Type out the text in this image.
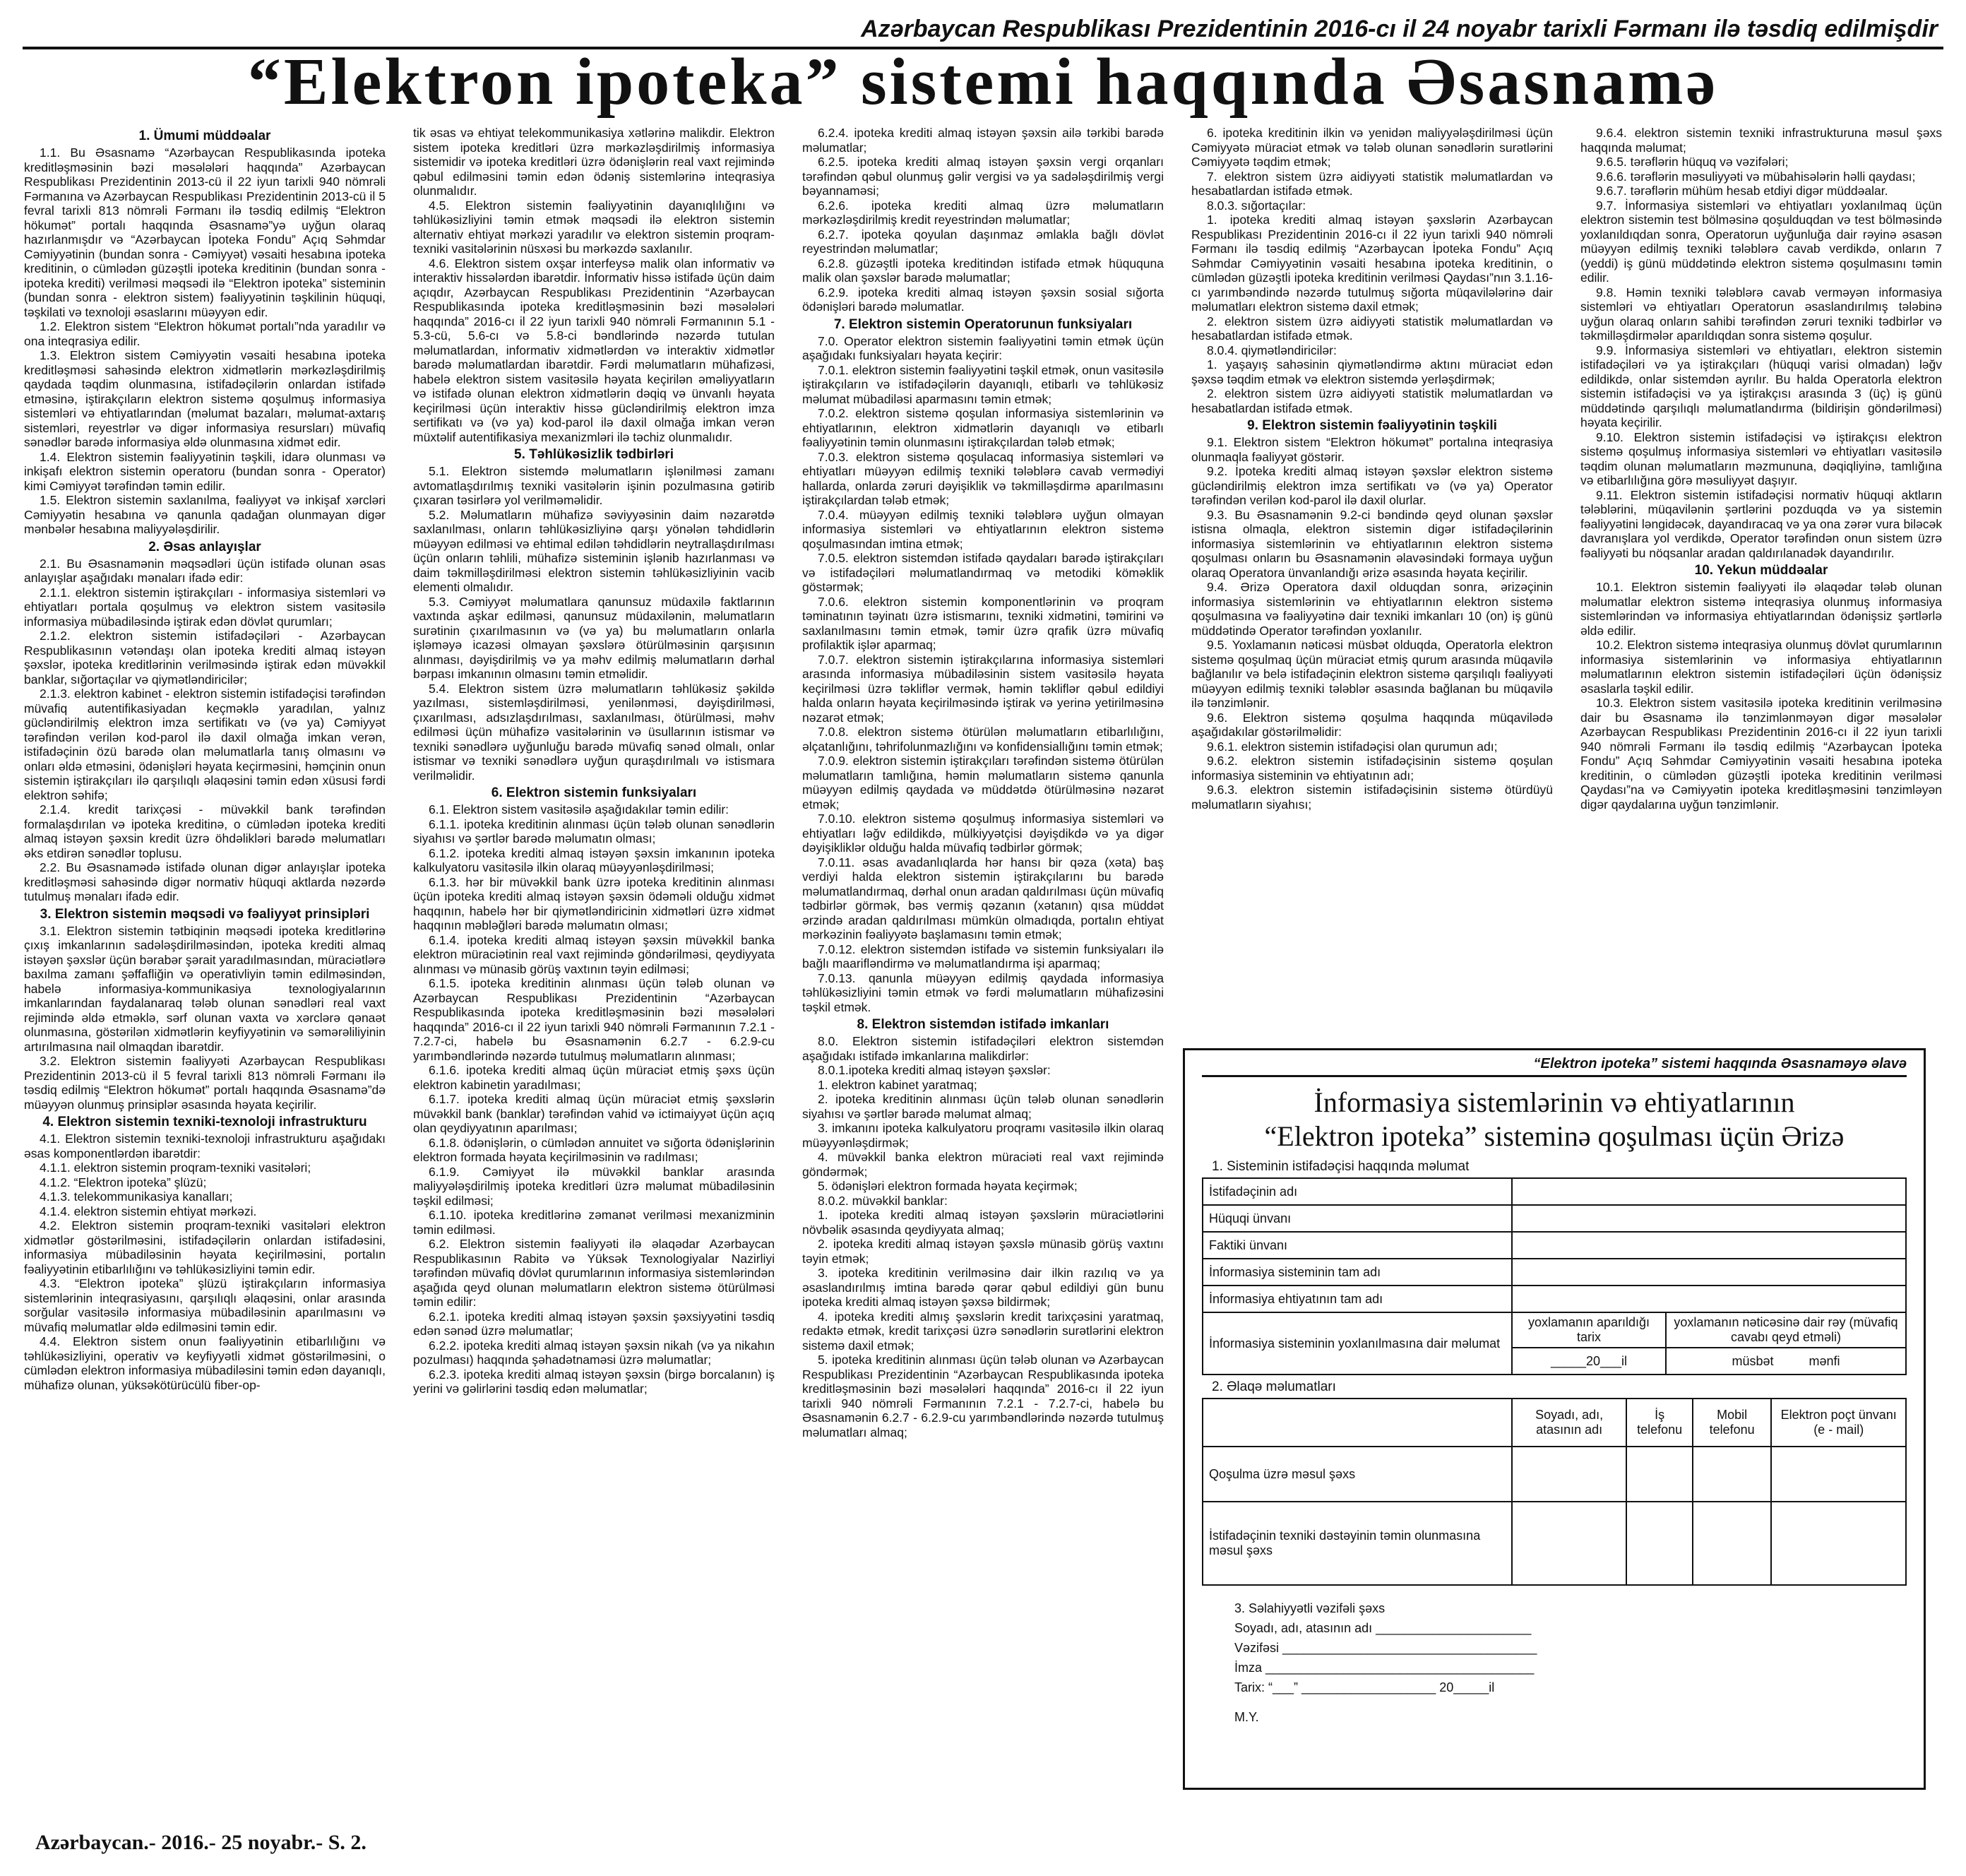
Azərbaycan Respublikası Prezidentinin 2016-cı il 24 noyabr tarixli Fərmanı ilə təsdiq edilmişdir
“Elektron ipoteka” sistemi haqqında Əsasnamə
1. Ümumi müddəalar

1.1. Bu Əsasnamə “Azərbaycan Respublikasında ipoteka kreditləşməsinin bəzi məsələləri haqqında” Azərbaycan Respublikası Prezidentinin 2013-cü il 22 iyun tarixli 940 nömrəli Fərmanına və Azərbaycan Respublikası Prezidentinin 2013-cü il 5 fevral tarixli 813 nömrəli Fərmanı ilə təsdiq edilmiş “Elektron hökumət” portalı haqqında Əsasnamə”yə uyğun olaraq hazırlanmışdır və “Azərbaycan İpoteka Fondu” Açıq Səhmdar Cəmiyyətinin (bundan sonra - Cəmiyyət) vəsaiti hesabına ipoteka kreditinin, o cümlədən güzəştli ipoteka kreditinin (bundan sonra - ipoteka krediti) verilməsi məqsədi ilə “Elektron ipoteka” sisteminin (bundan sonra - elektron sistem) fəaliyyətinin təşkilinin hüquqi, təşkilati və texnoloji əsaslarını müəyyən edir.

1.2. Elektron sistem “Elektron hökumət portalı”nda yaradılır və ona inteqrasiya edilir.

1.3. Elektron sistem Cəmiyyətin vəsaiti hesabına ipoteka kreditləşməsi sahəsində elektron xidmətlərin mərkəzləşdirilmiş qaydada təqdim olunmasına, istifadəçilərin onlardan istifadə etməsinə, iştirakçıların elektron sistemə qoşulmuş informasiya sistemləri və ehtiyatlarından (məlumat bazaları, məlumat-axtarış sistemləri, reyestrlər və digər informasiya resursları) müvafiq sənədlər barədə informasiya əldə olunmasına xidmət edir.

1.4. Elektron sistemin fəaliyyətinin təşkili, idarə olunması və inkişafı elektron sistemin operatoru (bundan sonra - Operator) kimi Cəmiyyət tərəfindən təmin edilir.

1.5. Elektron sistemin saxlanılma, fəaliyyət və inkişaf xərcləri Cəmiyyətin hesabına və qanunla qadağan olunmayan digər mənbələr hesabına maliyyələşdirilir.

2. Əsas anlayışlar

2.1. Bu Əsasnamənin məqsədləri üçün istifadə olunan əsas anlayışlar aşağıdakı mənaları ifadə edir:

2.1.1. elektron sistemin iştirakçıları - informasiya sistemləri və ehtiyatları portala qoşulmuş və elektron sistem vasitəsilə informasiya mübadiləsində iştirak edən dövlət qurumları;

2.1.2. elektron sistemin istifadəçiləri - Azərbaycan Respublikasının vətəndaşı olan ipoteka krediti almaq istəyən şəxslər, ipoteka kreditlərinin verilməsində iştirak edən müvəkkil banklar, sığortaçılar və qiymətləndiricilər;

2.1.3. elektron kabinet - elektron sistemin istifadəçisi tərəfindən müvafiq autentifikasiyadan keçməklə yaradılan, yalnız gücləndirilmiş elektron imza sertifikatı və (və ya) Cəmiyyət tərəfindən verilən kod-parol ilə daxil olmağa imkan verən, istifadəçinin özü barədə olan məlumatlarla tanış olmasını və onları əldə etməsini, ödənişləri həyata keçirməsini, həmçinin onun sistemin iştirakçıları ilə qarşılıqlı əlaqəsini təmin edən xüsusi fərdi elektron səhifə;

2.1.4. kredit tarixçəsi - müvəkkil bank tərəfindən formalaşdırılan və ipoteka kreditinə, o cümlədən ipoteka krediti almaq istəyən şəxsin kredit üzrə öhdəlikləri barədə məlumatları əks etdirən sənədlər toplusu.

2.2. Bu Əsasnamədə istifadə olunan digər anlayışlar ipoteka kreditləşməsi sahəsində digər normativ hüquqi aktlarda nəzərdə tutulmuş mənaları ifadə edir.

3. Elektron sistemin məqsədi və fəaliyyət prinsipləri

3.1. Elektron sistemin tətbiqinin məqsədi ipoteka kreditlərinə çıxış imkanlarının sadələşdirilməsindən, ipoteka krediti almaq istəyən şəxslər üçün bərabər şərait yaradılmasından, müraciətlərə baxılma zamanı şəffafliğin və operativliyin təmin edilməsindən, habelə informasiya-kommunikasiya texnologiyalarının imkanlarından faydalanaraq tələb olunan sənədləri real vaxt rejimində əldə etməklə, sərf olunan vaxta və xərclərə qənaət olunmasına, göstərilən xidmətlərin keyfiyyətinin və səmərəliliyinin artırılmasına nail olmaqdan ibarətdir.

3.2. Elektron sistemin fəaliyyəti Azərbaycan Respublikası Prezidentinin 2013-cü il 5 fevral tarixli 813 nömrəli Fərmanı ilə təsdiq edilmiş “Elektron hökumət” portalı haqqında Əsasnamə”də müəyyən olunmuş prinsiplər əsasında həyata keçirilir.

4. Elektron sistemin texniki-texnoloji infrastrukturu

4.1. Elektron sistemin texniki-texnoloji infrastrukturu aşağıdakı əsas komponentlərdən ibarətdir:

4.1.1. elektron sistemin proqram-texniki vasitələri;

4.1.2. “Elektron ipoteka” şlüzü;

4.1.3. telekommunikasiya kanalları;

4.1.4. elektron sistemin ehtiyat mərkəzi.

4.2. Elektron sistemin proqram-texniki vasitələri elektron xidmətlər göstərilməsini, istifadəçilərin onlardan istifadəsini, informasiya mübadiləsinin həyata keçirilməsini, portalın fəaliyyətinin etibarlılığını və təhlükəsizliyini təmin edir.

4.3. “Elektron ipoteka” şlüzü iştirakçıların informasiya sistemlərinin inteqrasiyasını, qarşılıqlı əlaqəsini, onlar arasında sorğular vasitəsilə informasiya mübadiləsinin aparılmasını və müvafiq məlumatlar əldə edilməsini təmin edir.

4.4. Elektron sistem onun fəaliyyətinin etibarlılığını və təhlükəsizliyini, operativ və keyfiyyətli xidmət göstərilməsini, o cümlədən elektron informasiya mübadiləsini təmin edən dayanıqlı, mühafizə olunan, yüksəkötürücülü fiber-op-

tik əsas və ehtiyat telekommunikasiya xətlərinə malikdir. Elektron sistem ipoteka kreditləri üzrə mərkəzləşdirilmiş informasiya sistemidir və ipoteka kreditləri üzrə ödənişlərin real vaxt rejimində qəbul edilməsini təmin edən ödəniş sistemlərinə inteqrasiya olunmalıdır.

4.5. Elektron sistemin fəaliyyətinin dayanıqlılığını və təhlükəsizliyini təmin etmək məqsədi ilə elektron sistemin alternativ ehtiyat mərkəzi yaradılır və elektron sistemin proqram-texniki vasitələrinin nüsxəsi bu mərkəzdə saxlanılır.

4.6. Elektron sistem oxşar interfeysə malik olan informativ və interaktiv hissələrdən ibarətdir. İnformativ hissə istifadə üçün daim açıqdır, Azərbaycan Respublikası Prezidentinin “Azərbaycan Respublikasında ipoteka kreditləşməsinin bəzi məsələləri haqqında” 2016-cı il 22 iyun tarixli 940 nömrəli Fərmanının 5.1 - 5.3-cü, 5.6-cı və 5.8-ci bəndlərində nəzərdə tutulan məlumatlardan, informativ xidmətlərdən və interaktiv xidmətlər barədə məlumatlardan ibarətdir. Fərdi məlumatların mühafizəsi, habelə elektron sistem vasitəsilə həyata keçirilən əməliyyatların və istifadə olunan elektron xidmətlərin dəqiq və ünvanlı həyata keçirilməsi üçün interaktiv hissə gücləndirilmiş elektron imza sertifikatı və (və ya) kod-parol ilə daxil olmağa imkan verən müxtəlif autentifikasiya mexanizmləri ilə təchiz olunmalıdır.

5. Təhlükəsizlik tədbirləri

5.1. Elektron sistemdə məlumatların işlənilməsi zamanı avtomatlaşdırılmış texniki vasitələrin işinin pozulmasına gətirib çıxaran təsirlərə yol verilməməlidir.

5.2. Məlumatların mühafizə səviyyəsinin daim nəzarətdə saxlanılması, onların təhlükəsizliyinə qarşı yönələn təhdidlərin müəyyən edilməsi və ehtimal edilən təhdidlərin neytrallaşdırılması üçün onların təhlili, mühafizə sisteminin işlənib hazırlanması və daim təkmilləşdirilməsi elektron sistemin təhlükəsizliyinin vacib elementi olmalıdır.

5.3. Cəmiyyət məlumatlara qanunsuz müdaxilə faktlarının vaxtında aşkar edilməsi, qanunsuz müdaxilənin, məlumatların surətinin çıxarılmasının və (və ya) bu məlumatların onlarla işləməyə icazəsi olmayan şəxslərə ötürülməsinin qarşısının alınması, dəyişdirilmiş və ya məhv edilmiş məlumatların dərhal bərpası imkanının olmasını təmin etməlidir.

5.4. Elektron sistem üzrə məlumatların təhlükəsiz şəkildə yazılması, sistemləşdirilməsi, yenilənməsi, dəyişdirilməsi, çıxarılması, adsızlaşdırılması, saxlanılması, ötürülməsi, məhv edilməsi üçün mühafizə vasitələrinin və üsullarının istismar və texniki sənədlərə uyğunluğu barədə müvafiq sənəd olmalı, onlar istismar və texniki sənədlərə uyğun quraşdırılmalı və istismara verilməlidir.

6. Elektron sistemin funksiyaları

6.1. Elektron sistem vasitəsilə aşağıdakılar təmin edilir:

6.1.1. ipoteka kreditinin alınması üçün tələb olunan sənədlərin siyahısı və şərtlər barədə məlumatın olması;

6.1.2. ipoteka krediti almaq istəyən şəxsin imkanının ipoteka kalkulyatoru vasitəsilə ilkin olaraq müəyyənləşdirilməsi;

6.1.3. hər bir müvəkkil bank üzrə ipoteka kreditinin alınması üçün ipoteka krediti almaq istəyən şəxsin ödəməli olduğu xidmət haqqının, habelə hər bir qiymətləndiricinin xidmətləri üzrə xidmət haqqının məbləğləri barədə məlumatın olması;

6.1.4. ipoteka krediti almaq istəyən şəxsin müvəkkil banka elektron müraciətinin real vaxt rejimində göndərilməsi, qeydiyyata alınması və münasib görüş vaxtının təyin edilməsi;

6.1.5. ipoteka kreditinin alınması üçün tələb olunan və Azərbaycan Respublikası Prezidentinin “Azərbaycan Respublikasında ipoteka kreditləşməsinin bəzi məsələləri haqqında” 2016-cı il 22 iyun tarixli 940 nömrəli Fərmanının 7.2.1 - 7.2.7-ci, habelə bu Əsasnamənin 6.2.7 - 6.2.9-cu yarımbəndlərində nəzərdə tutulmuş məlumatların alınması;

6.1.6. ipoteka krediti almaq üçün müraciət etmiş şəxs üçün elektron kabinetin yaradılması;

6.1.7. ipoteka krediti almaq üçün müraciət etmiş şəxslərin müvəkkil bank (banklar) tərəfindən vahid və ictimaiyyət üçün açıq olan qeydiyyatının aparılması;

6.1.8. ödənişlərin, o cümlədən annuitet və sığorta ödənişlərinin elektron formada həyata keçirilməsinin və radılması;

6.1.9. Cəmiyyət ilə müvəkkil banklar arasında maliyyələşdirilmiş ipoteka kreditləri üzrə məlumat mübadiləsinin təşkil edilməsi;

6.1.10. ipoteka kreditlərinə zəmanət verilməsi mexanizminin təmin edilməsi.

6.2. Elektron sistemin fəaliyyəti ilə əlaqədar Azərbaycan Respublikasının Rabitə və Yüksək Texnologiyalar Nazirliyi tərəfindən müvafiq dövlət qurumlarının informasiya sistemlərindən aşağıda qeyd olunan məlumatların elektron sistemə ötürülməsi təmin edilir:

6.2.1. ipoteka krediti almaq istəyən şəxsin şəxsiyyətini təsdiq edən sənəd üzrə məlumatlar;

6.2.2. ipoteka krediti almaq istəyən şəxsin nikah (və ya nikahın pozulması) haqqında şəhadətnaməsi üzrə məlumatlar;

6.2.3. ipoteka krediti almaq istəyən şəxsin (birgə borcalanın) iş yerini və gəlirlərini təsdiq edən məlumatlar;

6.2.4. ipoteka krediti almaq istəyən şəxsin ailə tərkibi barədə məlumatlar;

6.2.5. ipoteka krediti almaq istəyən şəxsin vergi orqanları tərəfindən qəbul olunmuş gəlir vergisi və ya sadələşdirilmiş vergi bəyannaməsi;

6.2.6. ipoteka krediti almaq üzrə məlumatların mərkəzləşdirilmiş kredit reyestrindən məlumatlar;

6.2.7. ipoteka qoyulan daşınmaz əmlakla bağlı dövlət reyestrindən məlumatlar;

6.2.8. güzəştli ipoteka kreditindən istifadə etmək hüququna malik olan şəxslər barədə məlumatlar;

6.2.9. ipoteka krediti almaq istəyən şəxsin sosial sığorta ödənişləri barədə məlumatlar.

7. Elektron sistemin Operatorunun funksiyaları

7.0. Operator elektron sistemin fəaliyyətini təmin etmək üçün aşağıdakı funksiyaları həyata keçirir:

7.0.1. elektron sistemin fəaliyyətini təşkil etmək, onun vasitəsilə iştirakçıların və istifadəçilərin dayanıqlı, etibarlı və təhlükəsiz məlumat mübadiləsi aparmasını təmin etmək;

7.0.2. elektron sistemə qoşulan informasiya sistemlərinin və ehtiyatlarının, elektron xidmətlərin dayanıqlı və etibarlı fəaliyyətinin təmin olunmasını iştirakçılardan tələb etmək;

7.0.3. elektron sistemə qoşulacaq informasiya sistemləri və ehtiyatları müəyyən edilmiş texniki tələblərə cavab vermədiyi hallarda, onlarda zəruri dəyişiklik və təkmilləşdirmə aparılmasını iştirakçılardan tələb etmək;

7.0.4. müəyyən edilmiş texniki tələblərə uyğun olmayan informasiya sistemləri və ehtiyatlarının elektron sistemə qoşulmasından imtina etmək;

7.0.5. elektron sistemdən istifadə qaydaları barədə iştirakçıları və istifadəçiləri məlumatlandırmaq və metodiki köməklik göstərmək;

7.0.6. elektron sistemin komponentlərinin və proqram təminatının təyinatı üzrə istismarını, texniki xidmətini, təmirini və saxlanılmasını təmin etmək, təmir üzrə qrafik üzrə müvafiq profilaktik işlər aparmaq;

7.0.7. elektron sistemin iştirakçılarına informasiya sistemləri arasında informasiya mübadiləsinin sistem vasitəsilə həyata keçirilməsi üzrə təkliflər vermək, həmin təkliflər qəbul edildiyi halda onların həyata keçirilməsində iştirak və yerinə yetirilməsinə nəzarət etmək;

7.0.8. elektron sistemə ötürülən məlumatların etibarlılığını, əlçatanlığını, təhrifolunmazlığını və konfidensiallığını təmin etmək;

7.0.9. elektron sistemin iştirakçıları tərəfindən sistemə ötürülən məlumatların tamlığına, həmin məlumatların sistemə qanunla müəyyən edilmiş qaydada və müddətdə ötürülməsinə nəzarət etmək;

7.0.10. elektron sistemə qoşulmuş informasiya sistemləri və ehtiyatları ləğv edildikdə, mülkiyyətçisi dəyişdikdə və ya digər dəyişikliklər olduğu halda müvafiq tədbirlər görmək;

7.0.11. əsas avadanlıqlarda hər hansı bir qəza (xəta) baş verdiyi halda elektron sistemin iştirakçılarını bu barədə məlumatlandırmaq, dərhal onun aradan qaldırılması üçün müvafiq tədbirlər görmək, bəs vermiş qəzanın (xətanın) qısa müddət ərzində aradan qaldırılması mümkün olmadıqda, portalın ehtiyat mərkəzinin fəaliyyətə başlamasını təmin etmək;

7.0.12. elektron sistemdən istifadə və sistemin funksiyaları ilə bağlı maarifləndirmə və məlumatlandırma işi aparmaq;

7.0.13. qanunla müəyyən edilmiş qaydada informasiya təhlükəsizliyini təmin etmək və fərdi məlumatların mühafizəsini təşkil etmək.

8. Elektron sistemdən istifadə imkanları

8.0. Elektron sistemin istifadəçiləri elektron sistemdən aşağıdakı istifadə imkanlarına malikdirlər:

8.0.1.ipoteka krediti almaq istəyən şəxslər:

1. elektron kabinet yaratmaq;

2. ipoteka kreditinin alınması üçün tələb olunan sənədlərin siyahısı və şərtlər barədə məlumat almaq;

3. imkanını ipoteka kalkulyatoru proqramı vasitəsilə ilkin olaraq müəyyənləşdirmək;

4. müvəkkil banka elektron müraciəti real vaxt rejimində göndərmək;

5. ödənişləri elektron formada həyata keçirmək;

8.0.2. müvəkkil banklar:

1. ipoteka krediti almaq istəyən şəxslərin müraciətlərini növbəlik əsasında qeydiyyata almaq;

2. ipoteka krediti almaq istəyən şəxslə münasib görüş vaxtını təyin etmək;

3. ipoteka kreditinin verilməsinə dair ilkin razılıq və ya əsaslandırılmış imtina barədə qərar qəbul edildiyi gün bunu ipoteka krediti almaq istəyən şəxsə bildirmək;

4. ipoteka krediti almış şəxslərin kredit tarixçəsini yaratmaq, redaktə etmək, kredit tarixçəsi üzrə sənədlərin surətlərini elektron sistemə daxil etmək;

5. ipoteka kreditinin alınması üçün tələb olunan və Azərbaycan Respublikası Prezidentinin “Azərbaycan Respublikasında ipoteka kreditləşməsinin bəzi məsələləri haqqında” 2016-cı il 22 iyun tarixli 940 nömrəli Fərmanının 7.2.1 - 7.2.7-ci, habelə bu Əsasnamənin 6.2.7 - 6.2.9-cu yarımbəndlərində nəzərdə tutulmuş məlumatları almaq;

6. ipoteka kreditinin ilkin və yenidən maliyyələşdirilməsi üçün Cəmiyyətə müraciət etmək və tələb olunan sənədlərin surətlərini Cəmiyyətə təqdim etmək;

7. elektron sistem üzrə aidiyyəti statistik məlumatlardan və hesabatlardan istifadə etmək.

8.0.3. sığortaçılar:

1. ipoteka krediti almaq istəyən şəxslərin Azərbaycan Respublikası Prezidentinin 2016-cı il 22 iyun tarixli 940 nömrəli Fərmanı ilə təsdiq edilmiş “Azərbaycan İpoteka Fondu” Açıq Səhmdar Cəmiyyətinin vəsaiti hesabına ipoteka kreditinin, o cümlədən güzəştli ipoteka kreditinin verilməsi Qaydası”nın 3.1.16-cı yarımbəndində nəzərdə tutulmuş sığorta müqavilələrinə dair məlumatları elektron sistemə daxil etmək;

2. elektron sistem üzrə aidiyyəti statistik məlumatlardan və hesabatlardan istifadə etmək.

8.0.4. qiymətləndiricilər:

1. yaşayış sahəsinin qiymətləndirmə aktını müraciət edən şəxsə təqdim etmək və elektron sistemdə yerləşdirmək;

2. elektron sistem üzrə aidiyyəti statistik məlumatlardan və hesabatlardan istifadə etmək.

9. Elektron sistemin fəaliyyətinin təşkili

9.1. Elektron sistem “Elektron hökumət” portalına inteqrasiya olunmaqla fəaliyyət göstərir.

9.2. İpoteka krediti almaq istəyən şəxslər elektron sistemə gücləndirilmiş elektron imza sertifikatı və (və ya) Operator tərəfindən verilən kod-parol ilə daxil olurlar.

9.3. Bu Əsasnamənin 9.2-ci bəndində qeyd olunan şəxslər istisna olmaqla, elektron sistemin digər istifadəçilərinin informasiya sistemlərinin və ehtiyatlarının elektron sistemə qoşulması onların bu Əsasnamənin əlavəsindəki formaya uyğun olaraq Operatora ünvanlandığı ərizə əsasında həyata keçirilir.

9.4. Ərizə Operatora daxil olduqdan sonra, ərizəçinin informasiya sistemlərinin və ehtiyatlarının elektron sistemə qoşulmasına və fəaliyyətinə dair texniki imkanları 10 (on) iş günü müddətində Operator tərəfindən yoxlanılır.

9.5. Yoxlamanın nəticəsi müsbət olduqda, Operatorla elektron sistemə qoşulmaq üçün müraciət etmiş qurum arasında müqavilə bağlanılır və belə istifadəçinin elektron sistemə qarşılıqlı fəaliyyəti müəyyən edilmiş texniki tələblər əsasında bağlanan bu müqavilə ilə tənzimlənir.

9.6. Elektron sistemə qoşulma haqqında müqavilədə aşağıdakılar göstərilməlidir:

9.6.1. elektron sistemin istifadəçisi olan qurumun adı;

9.6.2. elektron sistemin istifadəçisinin sistemə qoşulan informasiya sisteminin və ehtiyatının adı;

9.6.3. elektron sistemin istifadəçisinin sistemə ötürdüyü məlumatların siyahısı;

9.6.4. elektron sistemin texniki infrastrukturuna məsul şəxs haqqında məlumat;

9.6.5. tərəflərin hüquq və vəzifələri;

9.6.6. tərəflərin məsuliyyəti və mübahisələrin həlli qaydası;

9.6.7. tərəflərin mühüm hesab etdiyi digər müddəalar.

9.7. İnformasiya sistemləri və ehtiyatları yoxlanılmaq üçün elektron sistemin test bölməsinə qoşulduqdan və test bölməsində yoxlanıldıqdan sonra, Operatorun uyğunluğa dair rəyinə əsasən müəyyən edilmiş texniki tələblərə cavab verdikdə, onların 7 (yeddi) iş günü müddətində elektron sistemə qoşulmasını təmin edilir.

9.8. Həmin texniki tələblərə cavab verməyən informasiya sistemləri və ehtiyatları Operatorun əsaslandırılmış tələbinə uyğun olaraq onların sahibi tərəfindən zəruri texniki tədbirlər və təkmilləşdirmələr aparıldıqdan sonra sistemə qoşulur.

9.9. İnformasiya sistemləri və ehtiyatları, elektron sistemin istifadəçiləri və ya iştirakçıları (hüquqi varisi olmadan) ləğv edildikdə, onlar sistemdən ayrılır. Bu halda Operatorla elektron sistemin istifadəçisi və ya iştirakçısı arasında 3 (üç) iş günü müddətində qarşılıqlı məlumatlandırma (bildirişin göndərilməsi) həyata keçirilir.

9.10. Elektron sistemin istifadəçisi və iştirakçısı elektron sistemə qoşulmuş informasiya sistemləri və ehtiyatları vasitəsilə təqdim olunan məlumatların məzmununa, dəqiqliyinə, tamlığına və etibarlılığına görə məsuliyyət daşıyır.

9.11. Elektron sistemin istifadəçisi normativ hüquqi aktların tələblərini, müqavilənin şərtlərini pozduqda və ya sistemin fəaliyyətini ləngidəcək, dayandıracaq və ya ona zərər vura biləcək davranışlara yol verdikdə, Operator tərəfindən onun sistem üzrə fəaliyyəti bu nöqsanlar aradan qaldırılanadək dayandırılır.

10. Yekun müddəalar

10.1. Elektron sistemin fəaliyyəti ilə əlaqədar tələb olunan məlumatlar elektron sistemə inteqrasiya olunmuş informasiya sistemlərindən və informasiya ehtiyatlarından ödənişsiz şərtlərlə əldə edilir.

10.2. Elektron sistemə inteqrasiya olunmuş dövlət qurumlarının informasiya sistemlərinin və informasiya ehtiyatlarının məlumatlarının elektron sistemin istifadəçiləri üçün ödənişsiz əsaslarla təşkil edilir.

10.3. Elektron sistem vasitəsilə ipoteka kreditinin verilməsinə dair bu Əsasnamə ilə tənzimlənməyən digər məsələlər Azərbaycan Respublikası Prezidentinin 2016-cı il 22 iyun tarixli 940 nömrəli Fərmanı ilə təsdiq edilmiş “Azərbaycan İpoteka Fondu” Açıq Səhmdar Cəmiyyətinin vəsaiti hesabına ipoteka kreditinin, o cümlədən güzəştli ipoteka kreditinin verilməsi Qaydası”na və Cəmiyyətin ipoteka kreditləşməsini tənzimləyən digər qaydalarına uyğun tənzimlənir.

“Elektron ipoteka” sistemi haqqında Əsasnaməyə əlavə
İnformasiya sistemlərinin və ehtiyatlarının
“Elektron ipoteka” sisteminə qoşulması üçün Ərizə
1. Sisteminin istifadəçisi haqqında məlumat
İstifadəçinin adı		
Hüquqi ünvanı		
Faktiki ünvanı		
İnformasiya sisteminin tam adı		
İnformasiya ehtiyatının tam adı		
İnformasiya sisteminin yoxlanılmasına dair məlumat	yoxlamanın aparıldığı tarix	yoxlamanın nəticəsinə dair rəy (müvafiq cavabı qeyd etməli)
	_____20___il	müsbət mənfi
2. Əlaqə məlumatları
	Soyadı, adı, atasının adı	İş telefonu	Mobil telefonu	Elektron poçt ünvanı (e - mail)
Qoşulma üzrə məsul şəxs				
İstifadəçinin texniki dəstəyinin təmin olunmasına məsul şəxs				
3. Səlahiyyətli vəzifəli şəxs
Soyadı, adı, atasının adı ______________________
Vəzifəsi ____________________________________
İmza ______________________________________
Tarix: “___” ___________________ 20_____il
M.Y.
Azərbaycan.- 2016.- 25 noyabr.- S. 2.
